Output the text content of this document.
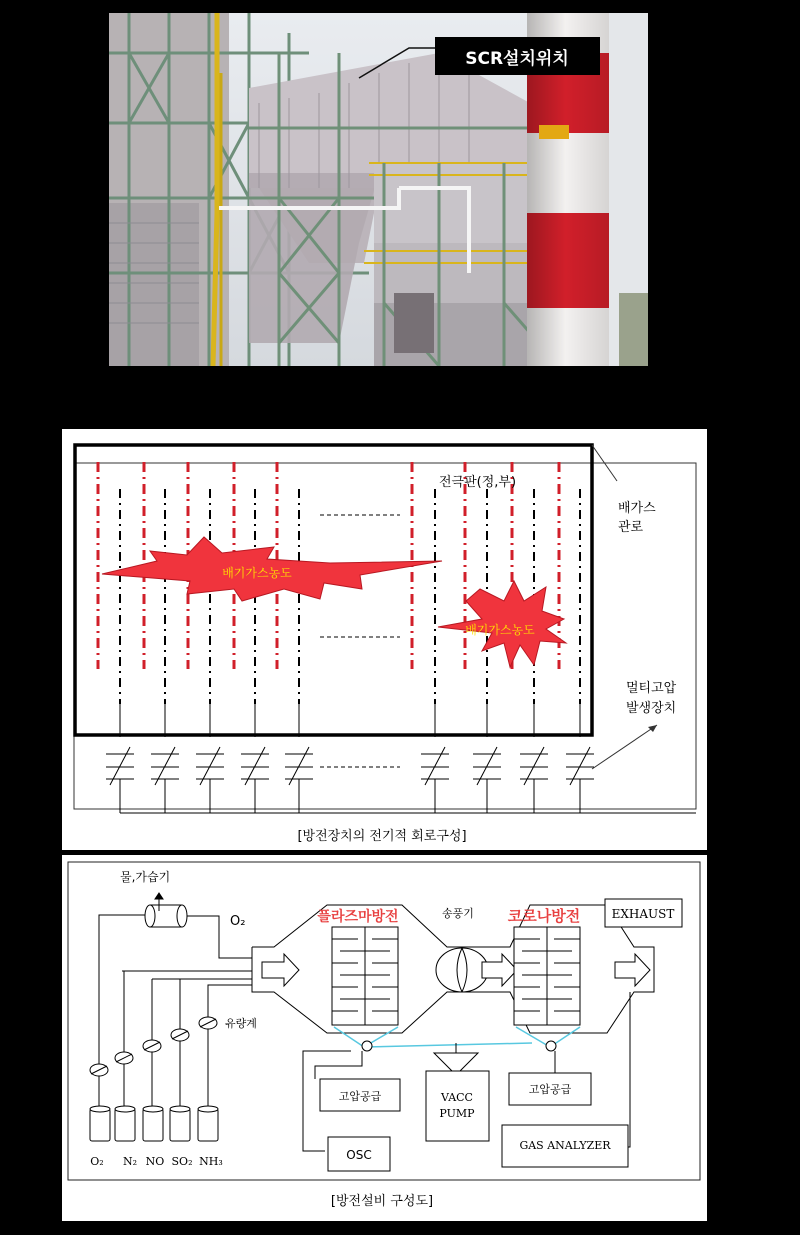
SCR설치위치
전극판(정,부)
배가스
관로
배기가스농도
배기가스농도
멀티고압
발생장치
[방전장치의 전기적 회로구성]
물,가습기
O₂
유량계
O₂ N₂ NO SO₂ NH₃
플라즈마방전	송풍기 코로나방전	EXHAUST
고압공급
고압공급
VACC
PUMP
OSC
GAS ANALYZER
[방전설비 구성도]
